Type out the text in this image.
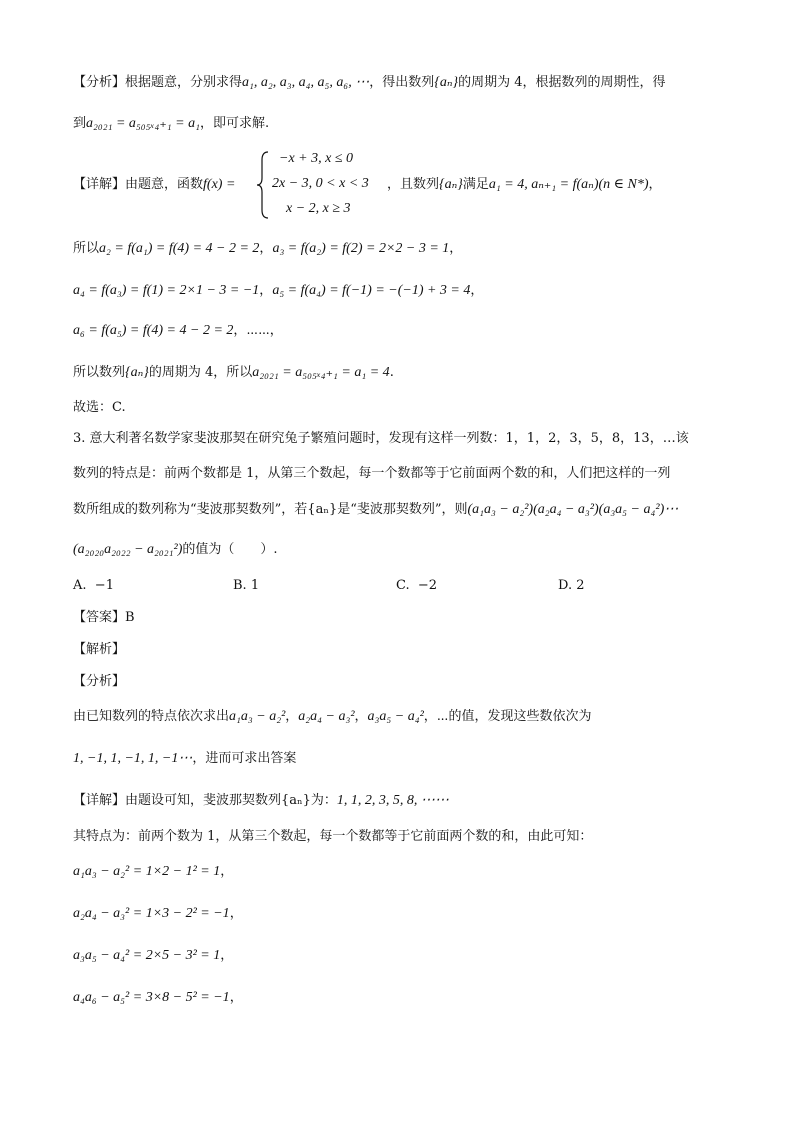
【分析】根据题意，分别求得a₁, a₂, a₃, a₄, a₅, a₆, ⋯，得出数列{aₙ}的周期为 4，根据数列的周期性，得
到a₂₀₂₁ = a₅₀₅ₓ₄₊₁ = a₁，即可求解.
【详解】由题意，函数f(x) =
−x + 3, x ≤ 0
2x − 3, 0 < x < 3
x − 2, x ≥ 3
，且数列{aₙ}满足a₁ = 4, aₙ₊₁ = f(aₙ)(n ∈ N*)，
所以a₂ = f(a₁) = f(4) = 4 − 2 = 2，a₃ = f(a₂) = f(2) = 2×2 − 3 = 1，
a₄ = f(a₃) = f(1) = 2×1 − 3 = −1，a₅ = f(a₄) = f(−1) = −(−1) + 3 = 4，
a₆ = f(a₅) = f(4) = 4 − 2 = 2，⋯⋯，
所以数列{aₙ}的周期为 4，所以a₂₀₂₁ = a₅₀₅ₓ₄₊₁ = a₁ = 4.
故选：C.
3. 意大利著名数学家斐波那契在研究兔子繁殖问题时，发现有这样一列数：1，1，2，3，5，8，13，…该
数列的特点是：前两个数都是 1，从第三个数起，每一个数都等于它前面两个数的和，人们把这样的一列
数所组成的数列称为“斐波那契数列”，若{aₙ}是“斐波那契数列”，则(a₁a₃ − a₂²)(a₂a₄ − a₃²)(a₃a₅ − a₄²)⋯
(a₂₀₂₀a₂₀₂₂ − a₂₀₂₁²)的值为（　　）.
A. −1	B. 1	C. −2	D. 2
【答案】B
【解析】
【分析】
由已知数列的特点依次求出a₁a₃ − a₂²，a₂a₄ − a₃²，a₃a₅ − a₄²，⋯的值，发现这些数依次为
1, −1, 1, −1, 1, −1⋯，进而可求出答案
【详解】由题设可知，斐波那契数列{aₙ}为：1, 1, 2, 3, 5, 8, ⋯⋯
其特点为：前两个数为 1，从第三个数起，每一个数都等于它前面两个数的和，由此可知：
a₁a₃ − a₂² = 1×2 − 1² = 1，
a₂a₄ − a₃² = 1×3 − 2² = −1，
a₃a₅ − a₄² = 2×5 − 3² = 1，
a₄a₆ − a₅² = 3×8 − 5² = −1，
